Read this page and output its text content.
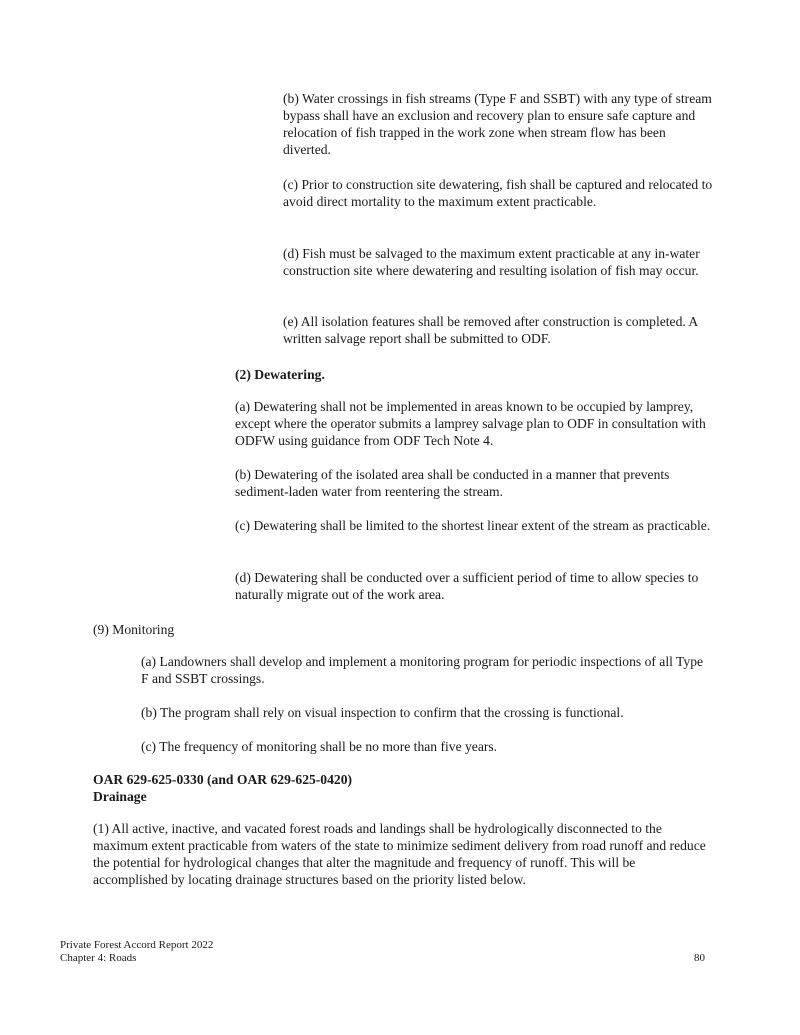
(b) Water crossings in fish streams (Type F and SSBT) with any type of stream bypass shall have an exclusion and recovery plan to ensure safe capture and relocation of fish trapped in the work zone when stream flow has been diverted.

(c) Prior to construction site dewatering, fish shall be captured and relocated to avoid direct mortality to the maximum extent practicable.

(d) Fish must be salvaged to the maximum extent practicable at any in-water construction site where dewatering and resulting isolation of fish may occur.

(e) All isolation features shall be removed after construction is completed. A written salvage report shall be submitted to ODF.

(2) Dewatering.

(a) Dewatering shall not be implemented in areas known to be occupied by lamprey, except where the operator submits a lamprey salvage plan to ODF in consultation with ODFW using guidance from ODF Tech Note 4.

(b) Dewatering of the isolated area shall be conducted in a manner that prevents sediment-laden water from reentering the stream.

(c) Dewatering shall be limited to the shortest linear extent of the stream as practicable.

(d) Dewatering shall be conducted over a sufficient period of time to allow species to naturally migrate out of the work area.

(9) Monitoring

(a) Landowners shall develop and implement a monitoring program for periodic inspections of all Type F and SSBT crossings.

(b) The program shall rely on visual inspection to confirm that the crossing is functional.

(c) The frequency of monitoring shall be no more than five years.

OAR 629-625-0330 (and OAR 629-625-0420)

Drainage

(1) All active, inactive, and vacated forest roads and landings shall be hydrologically disconnected to the maximum extent practicable from waters of the state to minimize sediment delivery from road runoff and reduce the potential for hydrological changes that alter the magnitude and frequency of runoff. This will be accomplished by locating drainage structures based on the priority listed below.

Private Forest Accord Report 2022
Chapter 4: Roads	80
